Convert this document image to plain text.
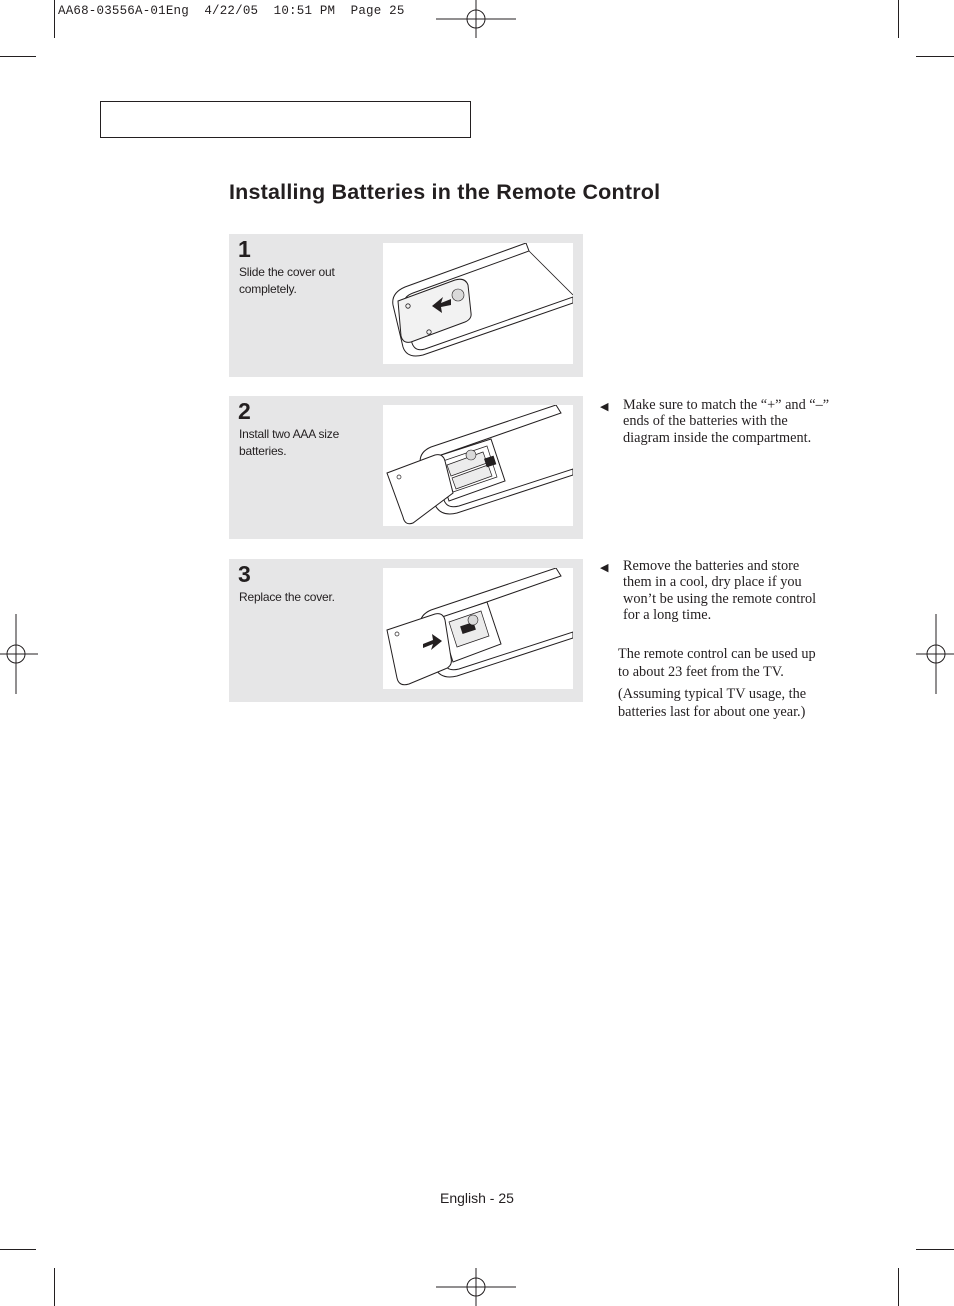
AA68-03556A-01Eng  4/22/05  10:51 PM  Page 25
Installing Batteries in the Remote Control
1
Slide the cover out completely.
2
Install two AAA size batteries.
3
Replace the cover.
◀ Make sure to match the “+” and “–” ends of the batteries with the diagram inside the compartment.
◀ Remove the batteries and store them in a cool, dry place if you won’t be using the remote control for a long time.
The remote control can be used up to about 23 feet from the TV.
(Assuming typical TV usage, the batteries last for about one year.)
English - 25
